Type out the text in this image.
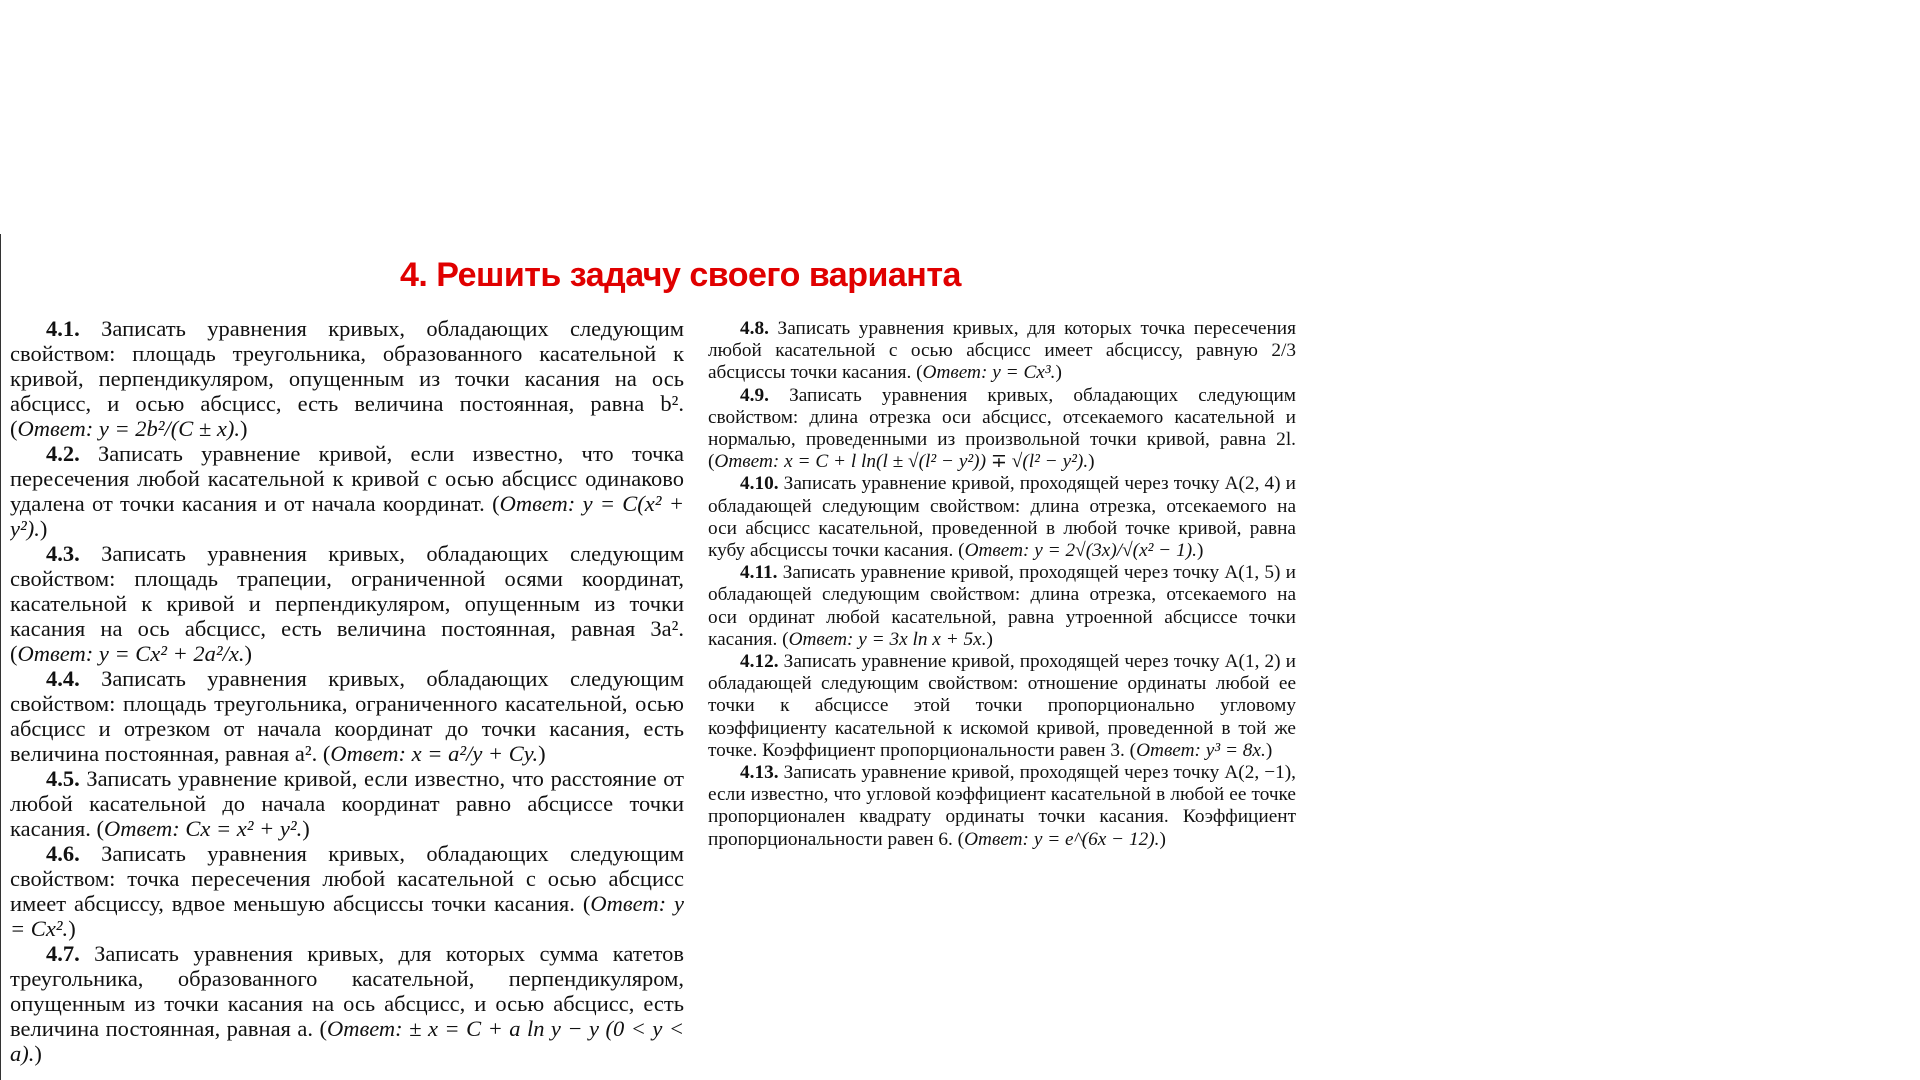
4. Решить задачу своего варианта

4.1. Записать уравнения кривых, обладающих следующим свойством: площадь треугольника, образованного касательной к кривой, перпендикуляром, опущенным из точки касания на ось абсцисс, и осью абсцисс, есть величина постоянная, равна b². (Ответ: y = 2b²/(C ± x).)

4.2. Записать уравнение кривой, если известно, что точка пересечения любой касательной к кривой с осью абсцисс одинаково удалена от точки касания и от начала координат. (Ответ: y = C(x² + y²).)

4.3. Записать уравнения кривых, обладающих следующим свойством: площадь трапеции, ограниченной осями координат, касательной к кривой и перпендикуляром, опущенным из точки касания на ось абсцисс, есть величина постоянная, равная 3a². (Ответ: y = Cx² + 2a²/x.)

4.4. Записать уравнения кривых, обладающих следующим свойством: площадь треугольника, ограниченного касательной, осью абсцисс и отрезком от начала координат до точки касания, есть величина постоянная, равная a². (Ответ: x = a²/y + Cy.)

4.5. Записать уравнение кривой, если известно, что расстояние от любой касательной до начала координат равно абсциссе точки касания. (Ответ: Cx = x² + y².)

4.6. Записать уравнения кривых, обладающих следующим свойством: точка пересечения любой касательной с осью абсцисс имеет абсциссу, вдвое меньшую абсциссы точки касания. (Ответ: y = Cx².)

4.7. Записать уравнения кривых, для которых сумма катетов треугольника, образованного касательной, перпендикуляром, опущенным из точки касания на ось абсцисс, и осью абсцисс, есть величина постоянная, равная a. (Ответ: ± x = C + a ln y − y (0 < y < a).)

4.8. Записать уравнения кривых, для которых точка пересечения любой касательной с осью абсцисс имеет абсциссу, равную 2/3 абсциссы точки касания. (Ответ: y = Cx³.)

4.9. Записать уравнения кривых, обладающих следующим свойством: длина отрезка оси абсцисс, отсекаемого касательной и нормалью, проведенными из произвольной точки кривой, равна 2l. (Ответ: x = C + l ln(l ± √(l² − y²)) ∓ √(l² − y²).)

4.10. Записать уравнение кривой, проходящей через точку A(2, 4) и обладающей следующим свойством: длина отрезка, отсекаемого на оси абсцисс касательной, проведенной в любой точке кривой, равна кубу абсциссы точки касания. (Ответ: y = 2√(3x)/√(x² − 1).)

4.11. Записать уравнение кривой, проходящей через точку A(1, 5) и обладающей следующим свойством: длина отрезка, отсекаемого на оси ординат любой касательной, равна утроенной абсциссе точки касания. (Ответ: y = 3x ln x + 5x.)

4.12. Записать уравнение кривой, проходящей через точку A(1, 2) и обладающей следующим свойством: отношение ординаты любой ее точки к абсциссе этой точки пропорционально угловому коэффициенту касательной к искомой кривой, проведенной в той же точке. Коэффициент пропорциональности равен 3. (Ответ: y³ = 8x.)

4.13. Записать уравнение кривой, проходящей через точку A(2, −1), если известно, что угловой коэффициент касательной в любой ее точке пропорционален квадрату ординаты точки касания. Коэффициент пропорциональности равен 6. (Ответ: y = e^(6x − 12).)
